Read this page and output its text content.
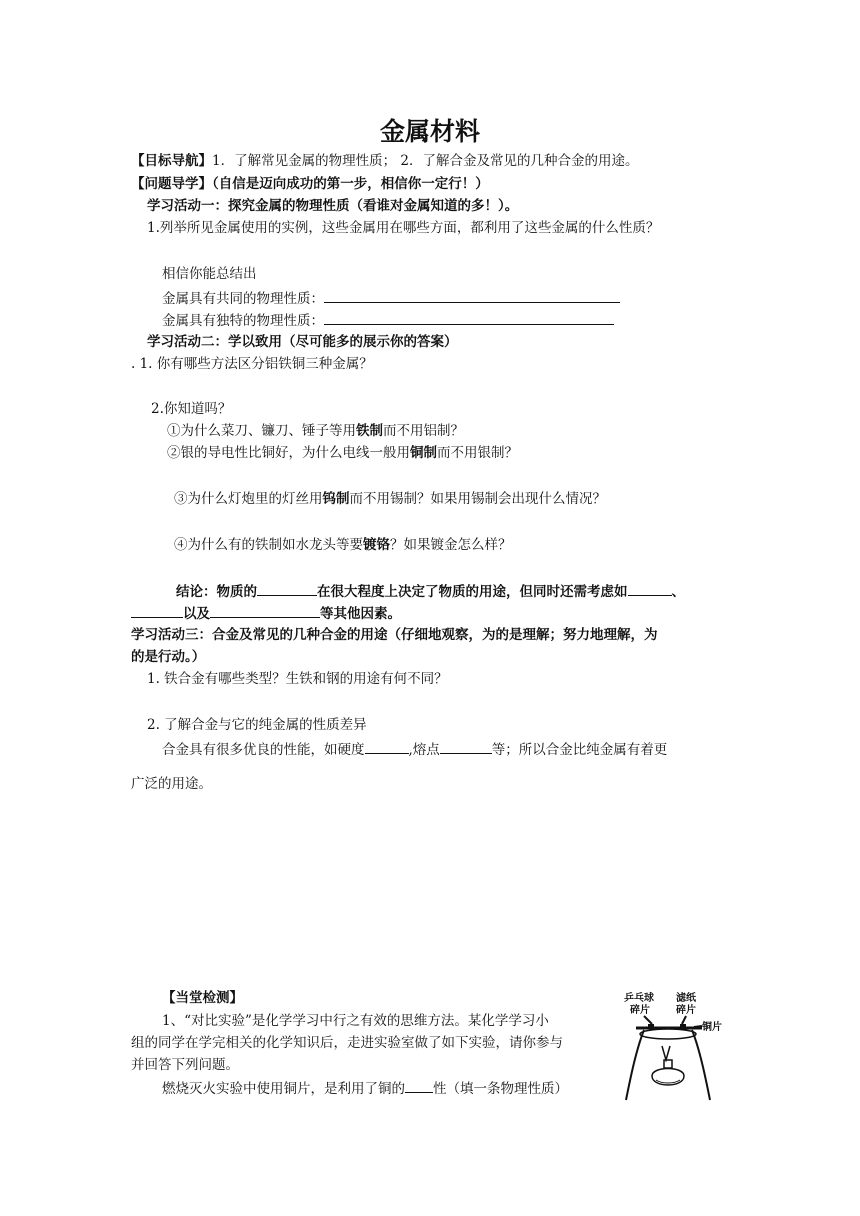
金属材料
【目标导航】1．了解常见金属的物理性质； 2．了解合金及常见的几种合金的用途。
【问题导学】（自信是迈向成功的第一步，相信你一定行！）
学习活动一：探究金属的物理性质（看谁对金属知道的多！）。
1.列举所见金属使用的实例，这些金属用在哪些方面，都利用了这些金属的什么性质？
相信你能总结出
金属具有共同的物理性质：
金属具有独特的物理性质：
学习活动二：学以致用（尽可能多的展示你的答案）
. 1. 你有哪些方法区分铝铁铜三种金属？
2.你知道吗？
①为什么菜刀、镰刀、锤子等用铁制而不用铝制？
②银的导电性比铜好，为什么电线一般用铜制而不用银制？
③为什么灯炮里的灯丝用钨制而不用锡制？如果用锡制会出现什么情况？
④为什么有的铁制如水龙头等要镀铬？如果镀金怎么样？
结论：物质的	在很大程度上决定了物质的用途，但同时还需考虑如	、
以及	等其他因素。
学习活动三：合金及常见的几种合金的用途（仔细地观察，为的是理解；努力地理解，为
的是行动。）
1. 铁合金有哪些类型？生铁和钢的用途有何不同？
2. 了解合金与它的纯金属的性质差异
合金具有很多优良的性能，如硬度	,熔点	等；所以合金比纯金属有着更
广泛的用途。
【当堂检测】
1、“对比实验”是化学学习中行之有效的思维方法。某化学学习小
组的同学在学完相关的化学知识后，走进实验室做了如下实验，请你参与
并回答下列问题。
燃烧灭火实验中使用铜片，是利用了铜的 性（填一条物理性质）
乒乓球
碎片
滤纸
碎片
铜片
